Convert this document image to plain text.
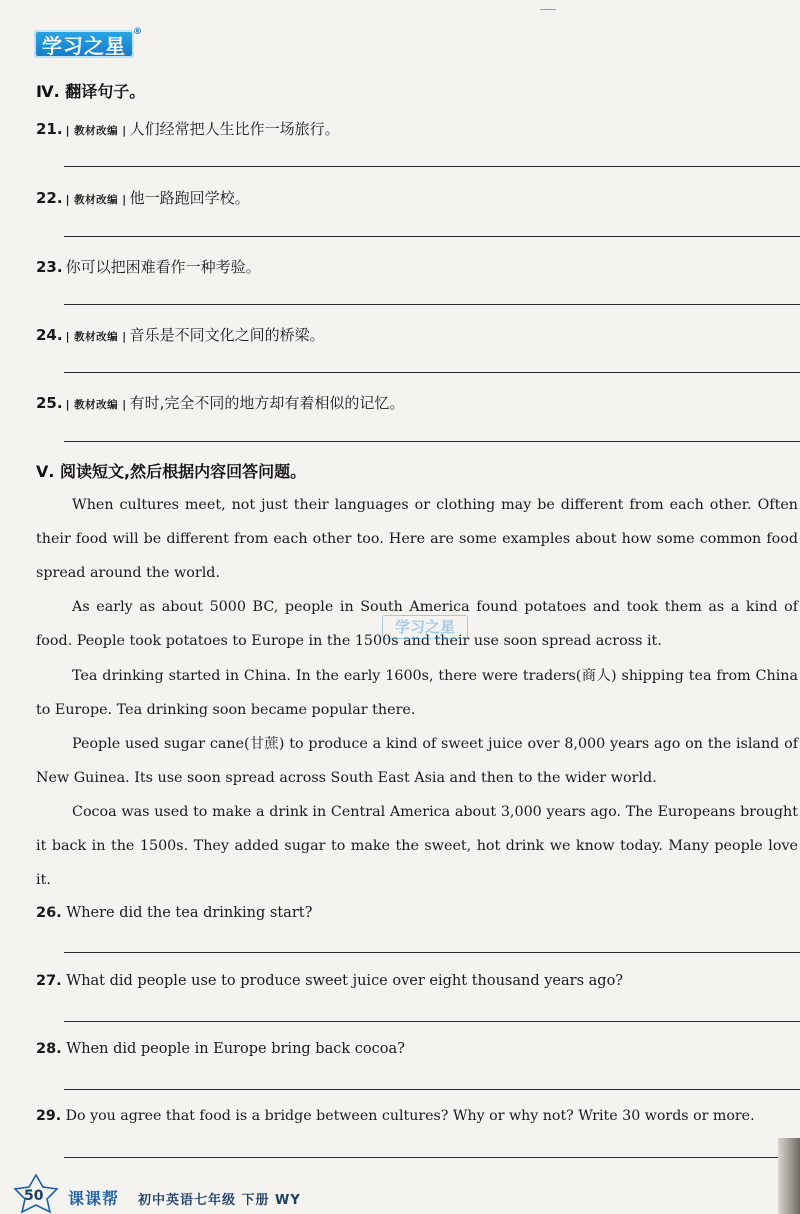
学习之星
®
Ⅳ. 翻译句子。
21. | 教材改编 | 人们经常把人生比作一场旅行。
22. | 教材改编 | 他一路跑回学校。
23. 你可以把困难看作一种考验。
24. | 教材改编 | 音乐是不同文化之间的桥梁。
25. | 教材改编 | 有时,完全不同的地方却有着相似的记忆。
Ⅴ. 阅读短文,然后根据内容回答问题。
When cultures meet, not just their languages or clothing may be different from each other. Often their food will be different from each other too. Here are some examples about how some common food spread around the world.
As early as about 5000 BC, people in South America found potatoes and took them as a kind of food. People took potatoes to Europe in the 1500s and their use soon spread across it.
Tea drinking started in China. In the early 1600s, there were traders(商人) shipping tea from China to Europe. Tea drinking soon became popular there.
People used sugar cane(甘蔗) to produce a kind of sweet juice over 8,000 years ago on the island of New Guinea. Its use soon spread across South East Asia and then to the wider world.
Cocoa was used to make a drink in Central America about 3,000 years ago. The Europeans brought it back in the 1500s. They added sugar to make the sweet, hot drink we know today. Many people love it.
学习之星
26. Where did the tea drinking start?
27. What did people use to produce sweet juice over eight thousand years ago?
28. When did people in Europe bring back cocoa?
29. Do you agree that food is a bridge between cultures? Why or why not? Write 30 words or more.
50 课课帮 初中英语七年级 下册 WY
